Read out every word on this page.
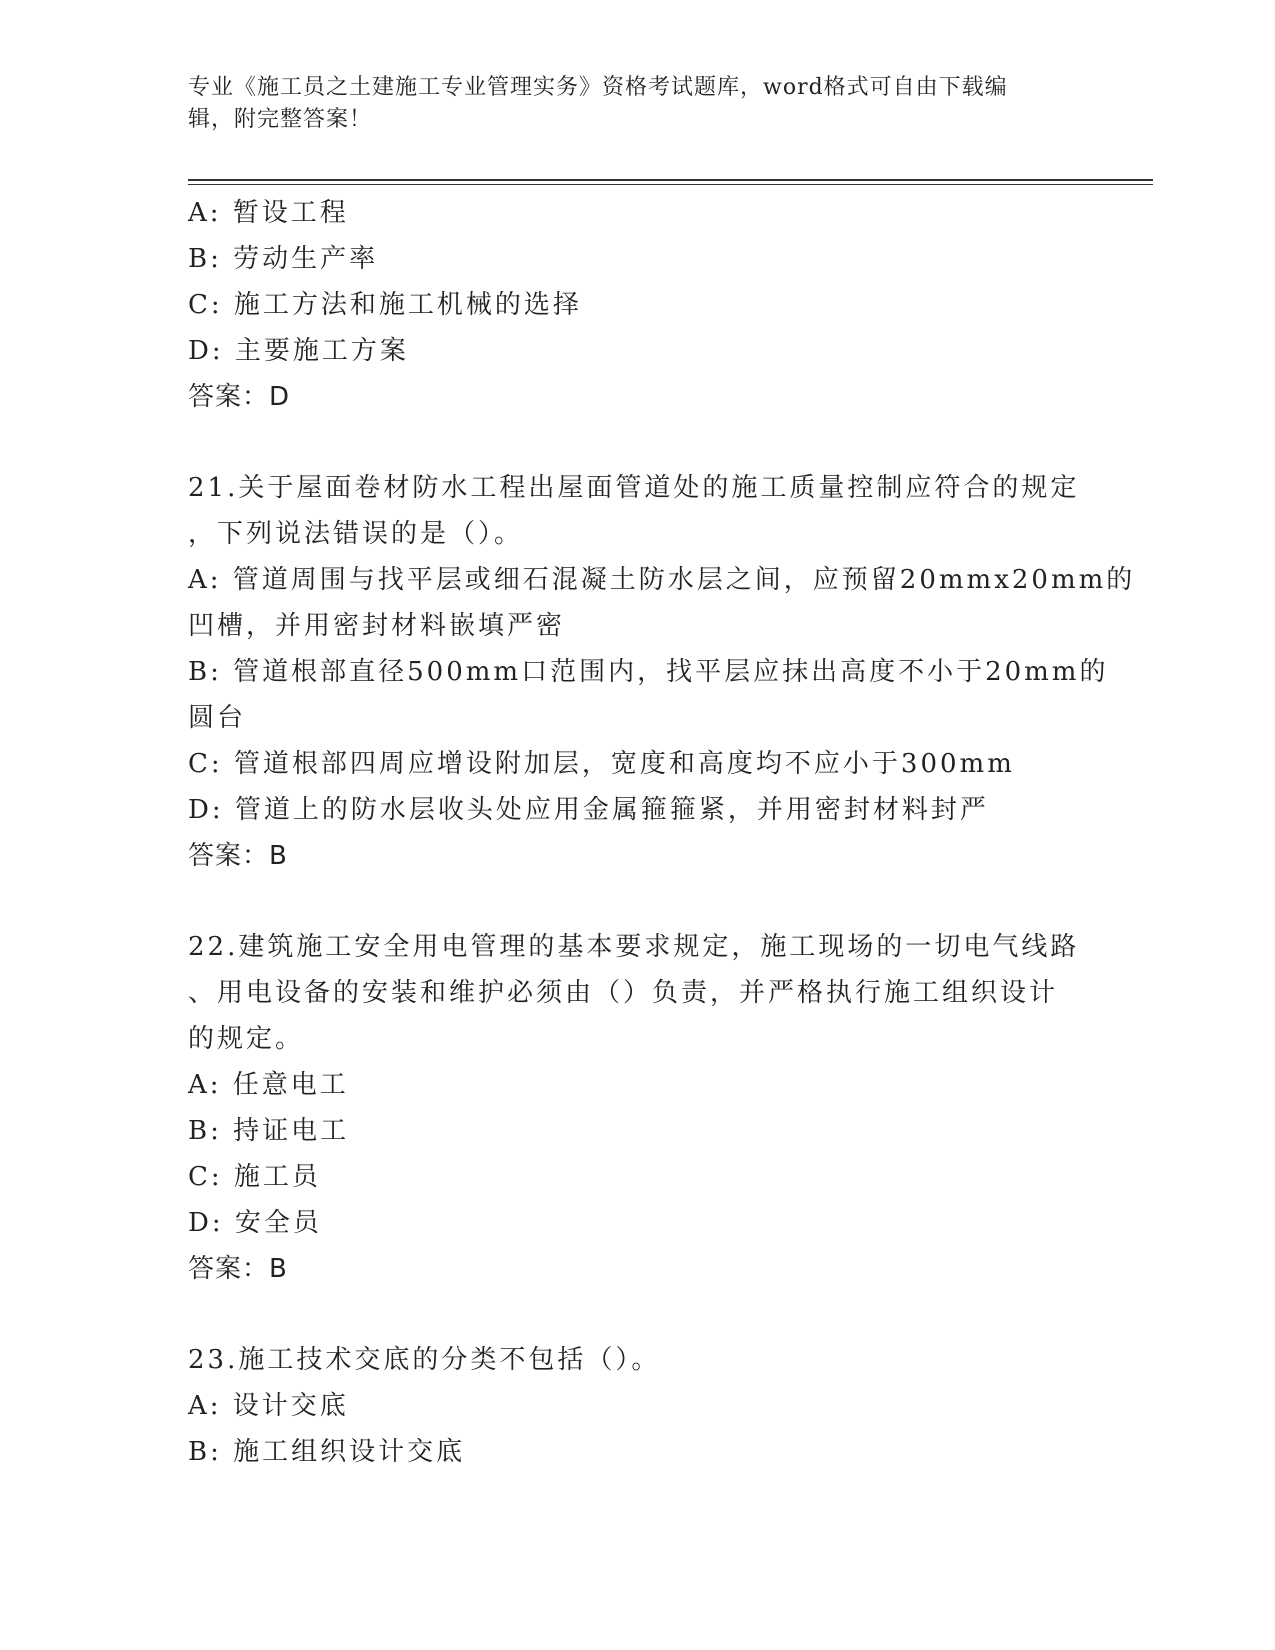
专业《施工员之土建施工专业管理实务》资格考试题库，word格式可自由下载编
辑，附完整答案！
A: 暂设工程
B: 劳动生产率
C: 施工方法和施工机械的选择
D: 主要施工方案
答案：D
21.关于屋面卷材防水工程出屋面管道处的施工质量控制应符合的规定
，下列说法错误的是（）。
A: 管道周围与找平层或细石混凝土防水层之间，应预留20mmx20mm的
凹槽，并用密封材料嵌填严密
B: 管道根部直径500mm口范围内，找平层应抹出高度不小于20mm的
圆台
C: 管道根部四周应增设附加层，宽度和高度均不应小于300mm
D: 管道上的防水层收头处应用金属箍箍紧，并用密封材料封严
答案：B
22.建筑施工安全用电管理的基本要求规定，施工现场的一切电气线路
、用电设备的安装和维护必须由（）负责，并严格执行施工组织设计
的规定。
A: 任意电工
B: 持证电工
C: 施工员
D: 安全员
答案：B
23.施工技术交底的分类不包括（）。
A: 设计交底
B: 施工组织设计交底
